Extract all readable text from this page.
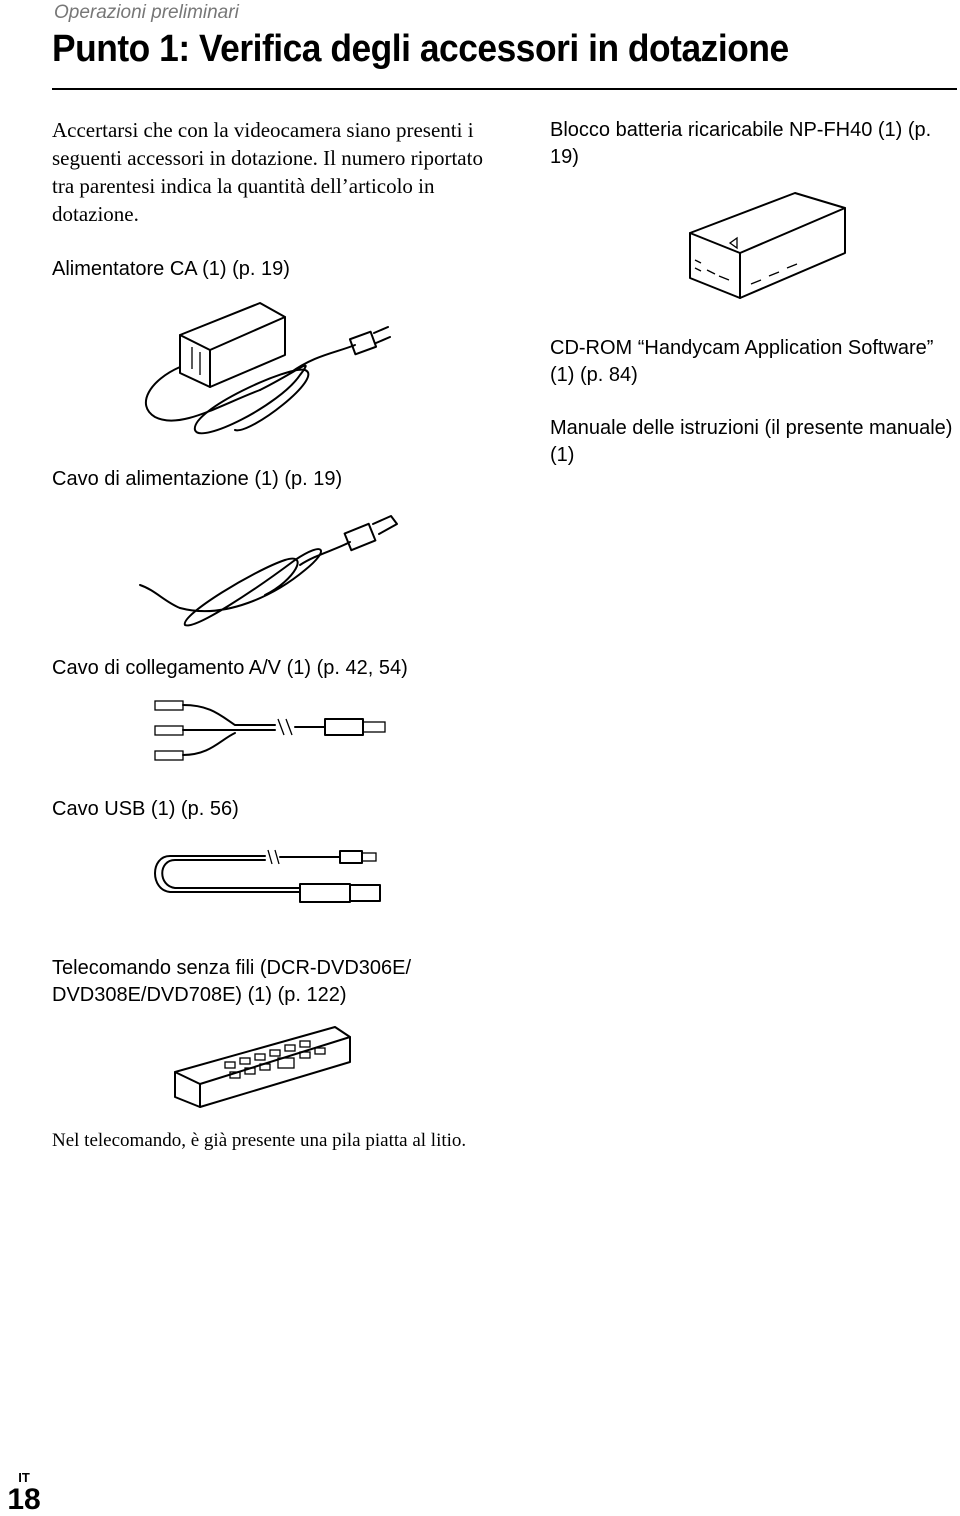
Operazioni preliminari
Punto 1: Verifica degli accessori in dotazione
Accertarsi che con la videocamera siano presenti i seguenti accessori in dotazione. Il numero riportato tra parentesi indica la quantità dell’articolo in dotazione.
Alimentatore CA (1) (p. 19)
Cavo di alimentazione (1) (p. 19)
Cavo di collegamento A/V (1) (p. 42, 54)
Cavo USB (1) (p. 56)
Telecomando senza fili (DCR-DVD306E/ DVD308E/DVD708E) (1) (p. 122)
Nel telecomando, è già presente una pila piatta al litio.
Blocco batteria ricaricabile NP-FH40 (1) (p. 19)
CD-ROM “Handycam Application Software” (1) (p. 84)
Manuale delle istruzioni (il presente manuale) (1)
IT
18
